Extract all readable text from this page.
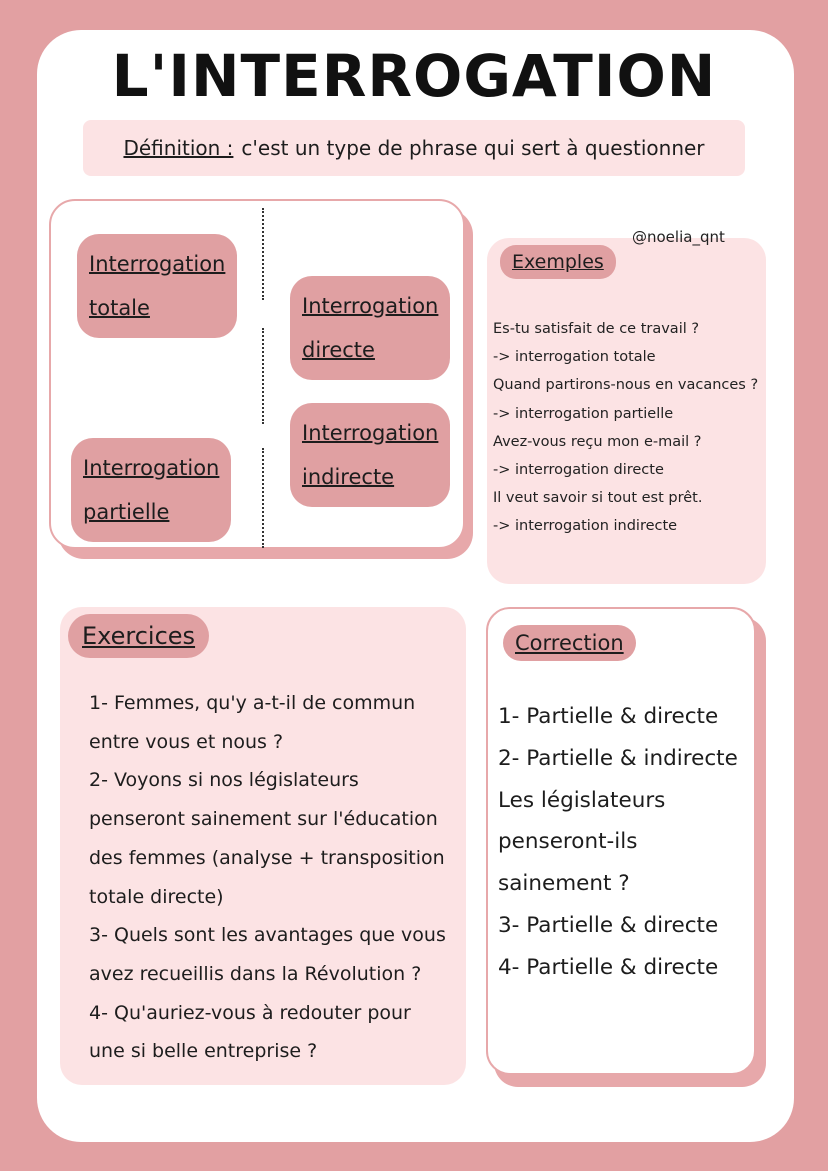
L'INTERROGATION
Définition : c'est un type de phrase qui sert à questionner
Interrogation
totale
Interrogation
partielle
Interrogation
directe
Interrogation
indirecte
@noelia_qnt
Exemples
Es-tu satisfait de ce travail ?
-> interrogation totale
Quand partirons-nous en vacances ?
-> interrogation partielle
Avez-vous reçu mon e-mail ?
-> interrogation directe
Il veut savoir si tout est prêt.
-> interrogation indirecte
Exercices
1- Femmes, qu'y a-t-il de commun
entre vous et nous ?
2- Voyons si nos législateurs
penseront sainement sur l'éducation
des femmes (analyse + transposition
totale directe)
3- Quels sont les avantages que vous
avez recueillis dans la Révolution ?
4- Qu'auriez-vous à redouter pour
une si belle entreprise ?
Correction
1- Partielle & directe
2- Partielle & indirecte
Les législateurs
penseront-ils
sainement ?
3- Partielle & directe
4- Partielle & directe
